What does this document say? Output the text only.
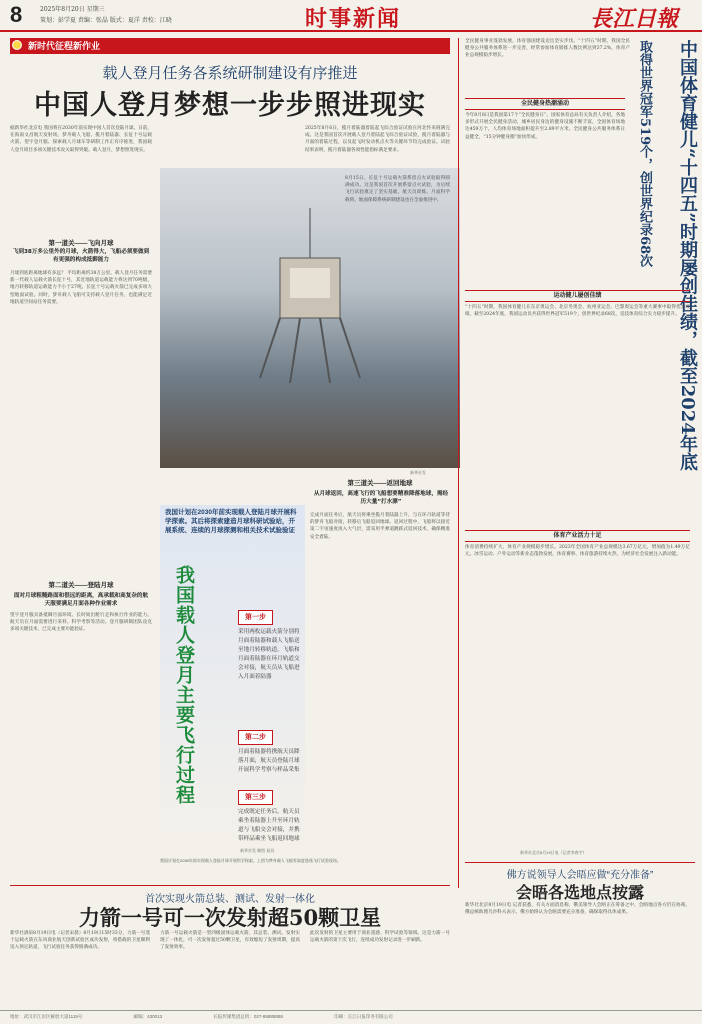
8	2025年8月20日 星期三
策划：彭学夏 责编：张晶 版式：夏洋 责校：江晓	时事新闻	長江日報
新时代征程新作业
载人登月任务各系统研制建设有序推进
中国人登月梦想一步步照进现实
据新华社北京电 我国将在2030年前实现中国人首次登陆月球。日前，在海南文昌航天发射场，梦舟载人飞船、揽月着陆器、长征十号运载火箭、望宇登月服、探索载人月球车等研制工作正有序推进，我国载人登月项目多项关键技术攻关取得突破。载人登月，梦想照进现实。
第一道关——飞向月球
飞到38万多公里外的月球，火箭得大，飞船必须要做到有更强的构成抵御能力
月球到底距离地球有多远？ 平均距离约38万公里。载人登月任务需要新一代载人运载火箭长征十号，其近地轨道运载能力将达到70吨级，地月转移轨道运载能力不小于27吨。长征十号运载火箭已完成多项大型地面试验。同时，梦舟载人飞船可支持载人登月任务，也能满足近地轨道空间站任务需要。
第二道关——登陆月球
面对月球粗糙路面和很远的距离，高承载和高复杂的航天服要满足月面各种作业需求
望宇登月服具备抵御月面环境、长时间出舱行走和执行作业的能力。航天员在月面需要进行采样、科学考察等活动。登月服研制团队攻克多项关键技术，已完成主要功能验证。
新华社发
2025年8月6日，揽月着陆器着陆起飞综合验证试验在河北怀来圆满完成。这是我国首次开展载人登月着陆起飞综合验证试验，揽月着陆器与月面的着陆过程，以及起飞时发动机点火等关键环节均完成验证。试验结果表明，揽月着陆器各项性能指标满足要求。
8月15日，长征十号运载火箭系留点火试验取得圆满成功。这是我国首次开展系留点火试验，为后续飞行试验奠定了坚实基础。航天员训练、月面科学载荷、地面保障系统研制建设也在全面推进中。
第三道关——返回地球
从月球返回，高速飞行的飞船想要精准降落地球，需经历大量“打水漂”
完成月面任务后，航天员将乘坐揽月着陆器上升，与在环月轨道等待的梦舟飞船对接，转移后飞船返回地球。返回过程中，飞船将以接近第二宇宙速度再入大气层，需采用半弹道跳跃式返回技术，确保精准安全着陆。
我国计划在2030年前实现载人登陆月球开展科学探索。其后将探索建造月球科研试验站，开展系统、连续的月球探测和相关技术试验验证
我国载人登月主要飞行过程	第一步
采用两枚运载火箭分别将月面着陆器和载人飞船送至地月转移轨道，飞船和月面着陆器在环月轨道交会对接，航天员从飞船进入月面着陆器
第二步
月面着陆器将携航天员降落月面，航天员登陆月球开展科学考察与样品采集
第三步
完成既定任务后，航天员乘坐着陆器上升至环月轨道与飞船交会对接，并携带样品乘坐飞船返回地球
新华社发 制图 易昌
我国计划在2030年前实现载人登陆月球开展科学探索。上图为梦舟载人飞船零高度逃逸飞行试验现场。
全民健身事业蓬勃发展，体育强国建设迈出坚实步伐。“十四五”时期，我国全民健身公共服务体系进一步完善，经常参加体育锻炼人数比例达到37.2%，体育产业总规模稳步增长。	中国体育健儿“十四五”时期屡创佳绩，截至2024年底
取得世界冠军519个，创世界纪录68次
全民健身热潮涌动
今年8月8日是我国第17个“全民健身日”。国家体育总局有关负责人介绍，各地多形式开展全民健身活动，城乡居民身边的健身设施不断丰富，全国体育场地达459万个，人均体育场地面积提升至2.89平方米。全民健身公共服务体系日益健全，“15分钟健身圈”加快形成。
运动健儿屡创佳绩
“十四五”时期，我国体育健儿在东京奥运会、北京冬奥会、杭州亚运会、巴黎奥运会等重大赛事中取得优异成绩。截至2024年底，我国运动员共获得世界冠军519个，创世界纪录68次，竞技体育综合实力稳步提升。
体育产业活力十足
体育消费持续扩大，体育产业规模稳步增长。2023年全国体育产业总规模达3.67万亿元，增加值为1.49万亿元。冰雪运动、户外运动等新业态蓬勃发展，体育赛事、体育旅游持续火热，为经济社会发展注入新动能。
新华社北京8月19日电（记者李春宇）
佛方说领导人会晤应做“充分准备”
会晤各选地点按露
新华社北京8月19日电 记者获悉，有关方面消息称，俄美领导人会晤正在筹备之中，会晤地点各方仍在协商。俄总统助理乌沙科夫表示，俄方始终认为会晤需要充分准备，确保取得具体成果。
首次实现火箭总装、测试、发射一体化
力箭一号可一次发射超50颗卫星
新华社酒泉8月19日电（记者宋晨）8月19日15时33分，力箭一号遥十运载火箭在东风商业航天创新试验区成功发射，将搭载的卫星顺利送入预定轨道，飞行试验任务获得圆满成功。
力箭一号运载火箭是一型四级固体运载火箭，其总装、测试、发射实现了一体化，可一次发射超过50颗卫星，有效缩短了发射周期，提高了发射效率。
此次发射的卫星主要用于商业遥感、科学试验等领域。这是力箭一号运载火箭的第十次飞行，连续成功发射记录进一步刷新。
地址：武汉市江岸区解放大道1115号	邮编：430013	长报传媒集团总机：027-85888888	印刷：长江日报印务有限公司
